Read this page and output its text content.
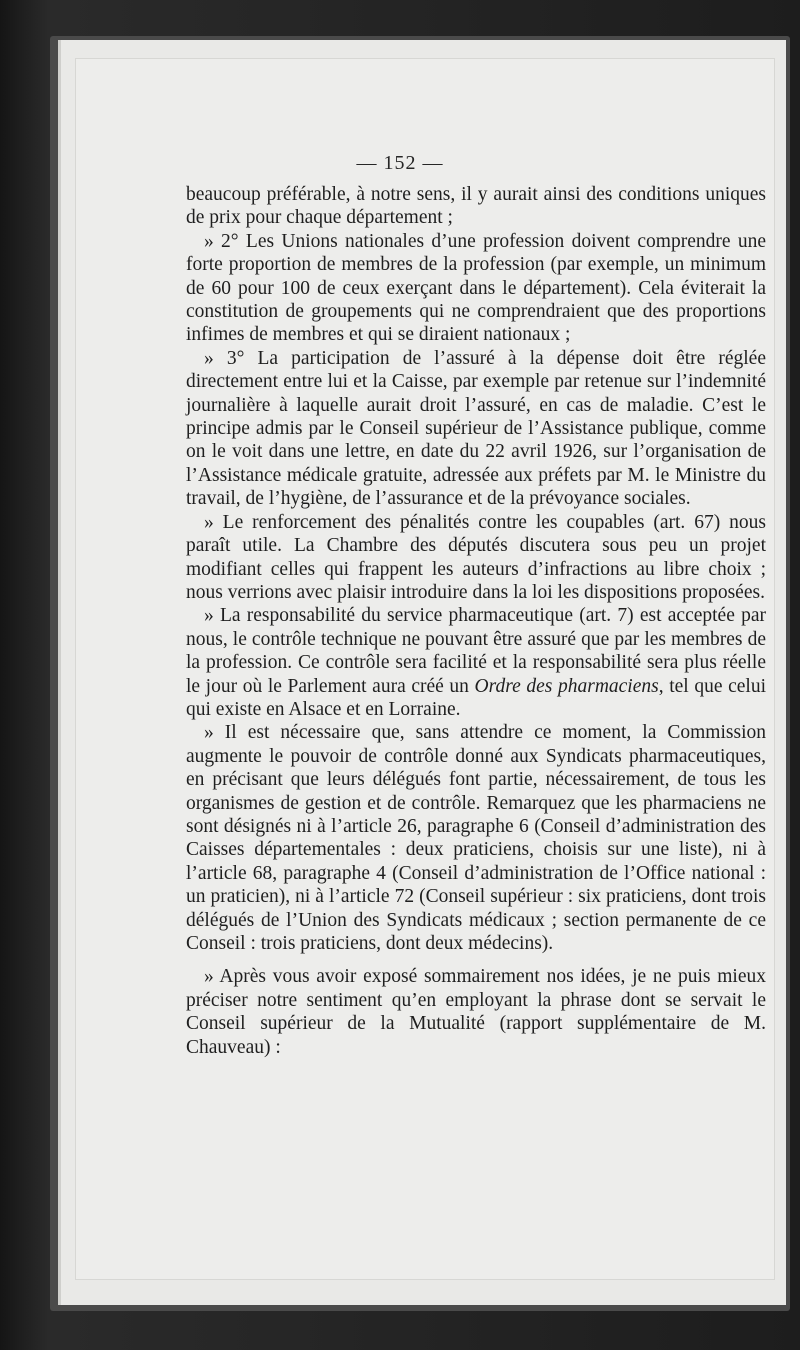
— 152 —

beaucoup préférable, à notre sens, il y aurait ainsi des conditions uniques de prix pour chaque département ;

» 2° Les Unions nationales d’une profession doivent comprendre une forte proportion de membres de la profession (par exemple, un minimum de 60 pour 100 de ceux exerçant dans le département). Cela éviterait la constitution de groupements qui ne comprendraient que des proportions infimes de membres et qui se diraient nationaux ;

» 3° La participation de l’assuré à la dépense doit être réglée directement entre lui et la Caisse, par exemple par retenue sur l’indemnité journalière à laquelle aurait droit l’assuré, en cas de maladie. C’est le principe admis par le Conseil supérieur de l’Assistance publique, comme on le voit dans une lettre, en date du 22 avril 1926, sur l’organisation de l’Assistance médicale gratuite, adressée aux préfets par M. le Ministre du travail, de l’hygiène, de l’assurance et de la prévoyance sociales.

» Le renforcement des pénalités contre les coupables (art. 67) nous paraît utile. La Chambre des députés discutera sous peu un projet modifiant celles qui frappent les auteurs d’infractions au libre choix ; nous verrions avec plaisir introduire dans la loi les dispositions proposées.

» La responsabilité du service pharmaceutique (art. 7) est acceptée par nous, le contrôle technique ne pouvant être assuré que par les membres de la profession. Ce contrôle sera facilité et la responsabilité sera plus réelle le jour où le Parlement aura créé un Ordre des pharmaciens, tel que celui qui existe en Alsace et en Lorraine.

» Il est nécessaire que, sans attendre ce moment, la Commission augmente le pouvoir de contrôle donné aux Syndicats pharmaceutiques, en précisant que leurs délégués font partie, nécessairement, de tous les organismes de gestion et de contrôle. Remarquez que les pharmaciens ne sont désignés ni à l’article 26, paragraphe 6 (Conseil d’administration des Caisses départementales : deux praticiens, choisis sur une liste), ni à l’article 68, paragraphe 4 (Conseil d’administration de l’Office national : un praticien), ni à l’article 72 (Conseil supérieur : six praticiens, dont trois délégués de l’Union des Syndicats médicaux ; section permanente de ce Conseil : trois praticiens, dont deux médecins).

» Après vous avoir exposé sommairement nos idées, je ne puis mieux préciser notre sentiment qu’en employant la phrase dont se servait le Conseil supérieur de la Mutualité (rapport supplémentaire de M. Chauveau) :
